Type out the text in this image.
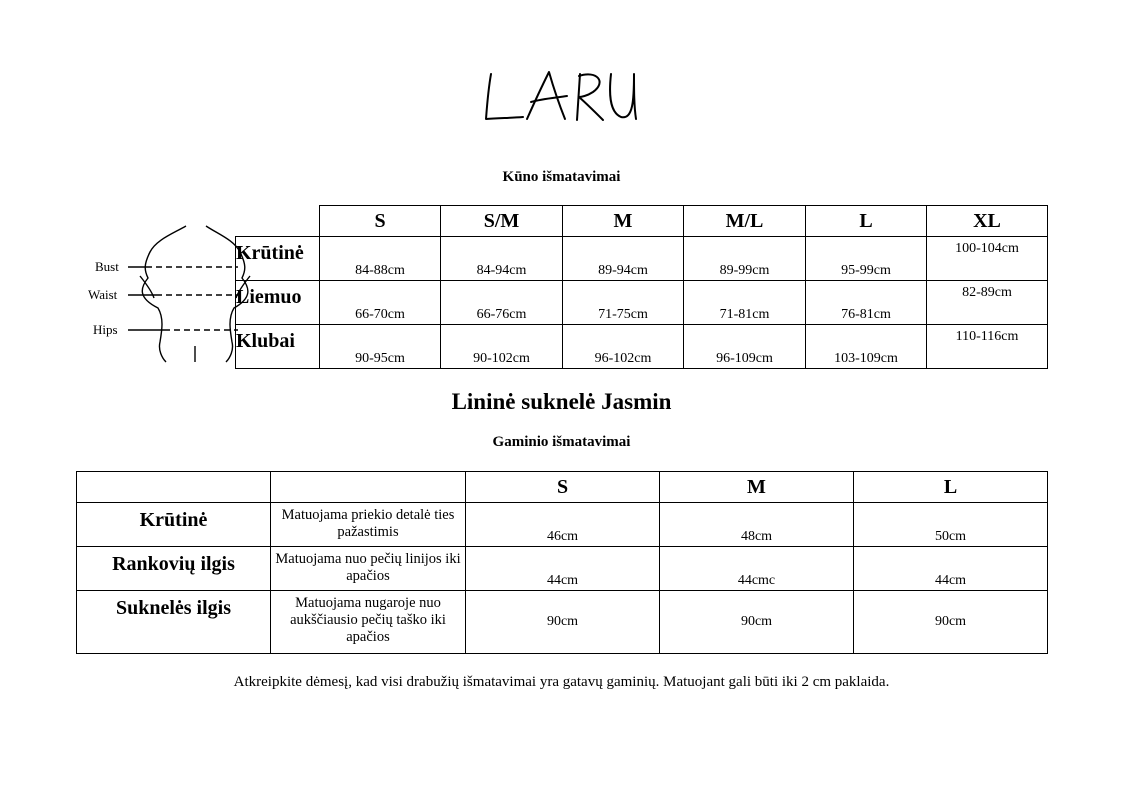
Kūno išmatavimai
Bust
Waist
Hips
	S	S/M	M	M/L	L	XL
Krūtinė	84-88cm	84-94cm	89-94cm	89-99cm	95-99cm	100-104cm
Liemuo	66-70cm	66-76cm	71-75cm	71-81cm	76-81cm	82-89cm
Klubai	90-95cm	90-102cm	96-102cm	96-109cm	103-109cm	110-116cm
Lininė suknelė Jasmin
Gaminio išmatavimai
		S	M	L
Krūtinė	Matuojama priekio detalė ties pažastimis	46cm	48cm	50cm
Rankovių ilgis	Matuojama nuo pečių linijos iki apačios	44cm	44cmc	44cm
Suknelės ilgis	Matuojama nugaroje nuo aukščiausio pečių taško iki apačios	90cm	90cm	90cm
Atkreipkite dėmesį, kad visi drabužių išmatavimai yra gatavų gaminių. Matuojant gali būti iki 2 cm paklaida.
